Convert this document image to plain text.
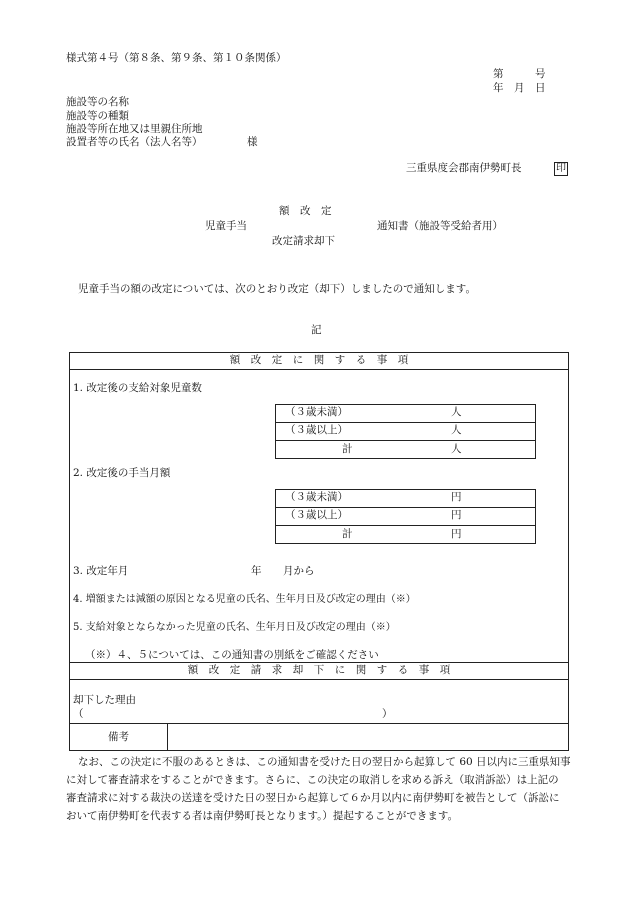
様式第４号（第８条、第９条、第１０条関係）
第　　　号
年　月　日
施設等の名称
施設等の種類
施設等所在地又は里親住所地
設置者等の氏名（法人名等）	様
三重県度会郡南伊勢町長	印
額　改　定
児童手当	通知書（施設等受給者用）
改定請求却下
児童手当の額の改定については、次のとおり改定（却下）しましたので通知します。
記
額　改　定　に　関　す　る　事　項
1. 改定後の支給対象児童数
（３歳未満）	人
（３歳以上）	人
計	人
2. 改定後の手当月額
（３歳未満）	円
（３歳以上）	円
計	円
3. 改定年月	年 月から
4. 増額または減額の原因となる児童の氏名、生年月日及び改定の理由（※）
5. 支給対象とならなかった児童の氏名、生年月日及び改定の理由（※）
（※）４、５については、この通知書の別紙をご確認ください
額　改　定　請　求　却　下　に　関　す　る　事　項
却下した理由
（	）
備考
なお、この決定に不服のあるときは、この通知書を受けた日の翌日から起算して 60 日以内に三重県知事
に対して審査請求をすることができます。さらに、この決定の取消しを求める訴え（取消訴訟）は上記の
審査請求に対する裁決の送達を受けた日の翌日から起算して６か月以内に南伊勢町を被告として（訴訟に
おいて南伊勢町を代表する者は南伊勢町長となります。）提起することができます。
